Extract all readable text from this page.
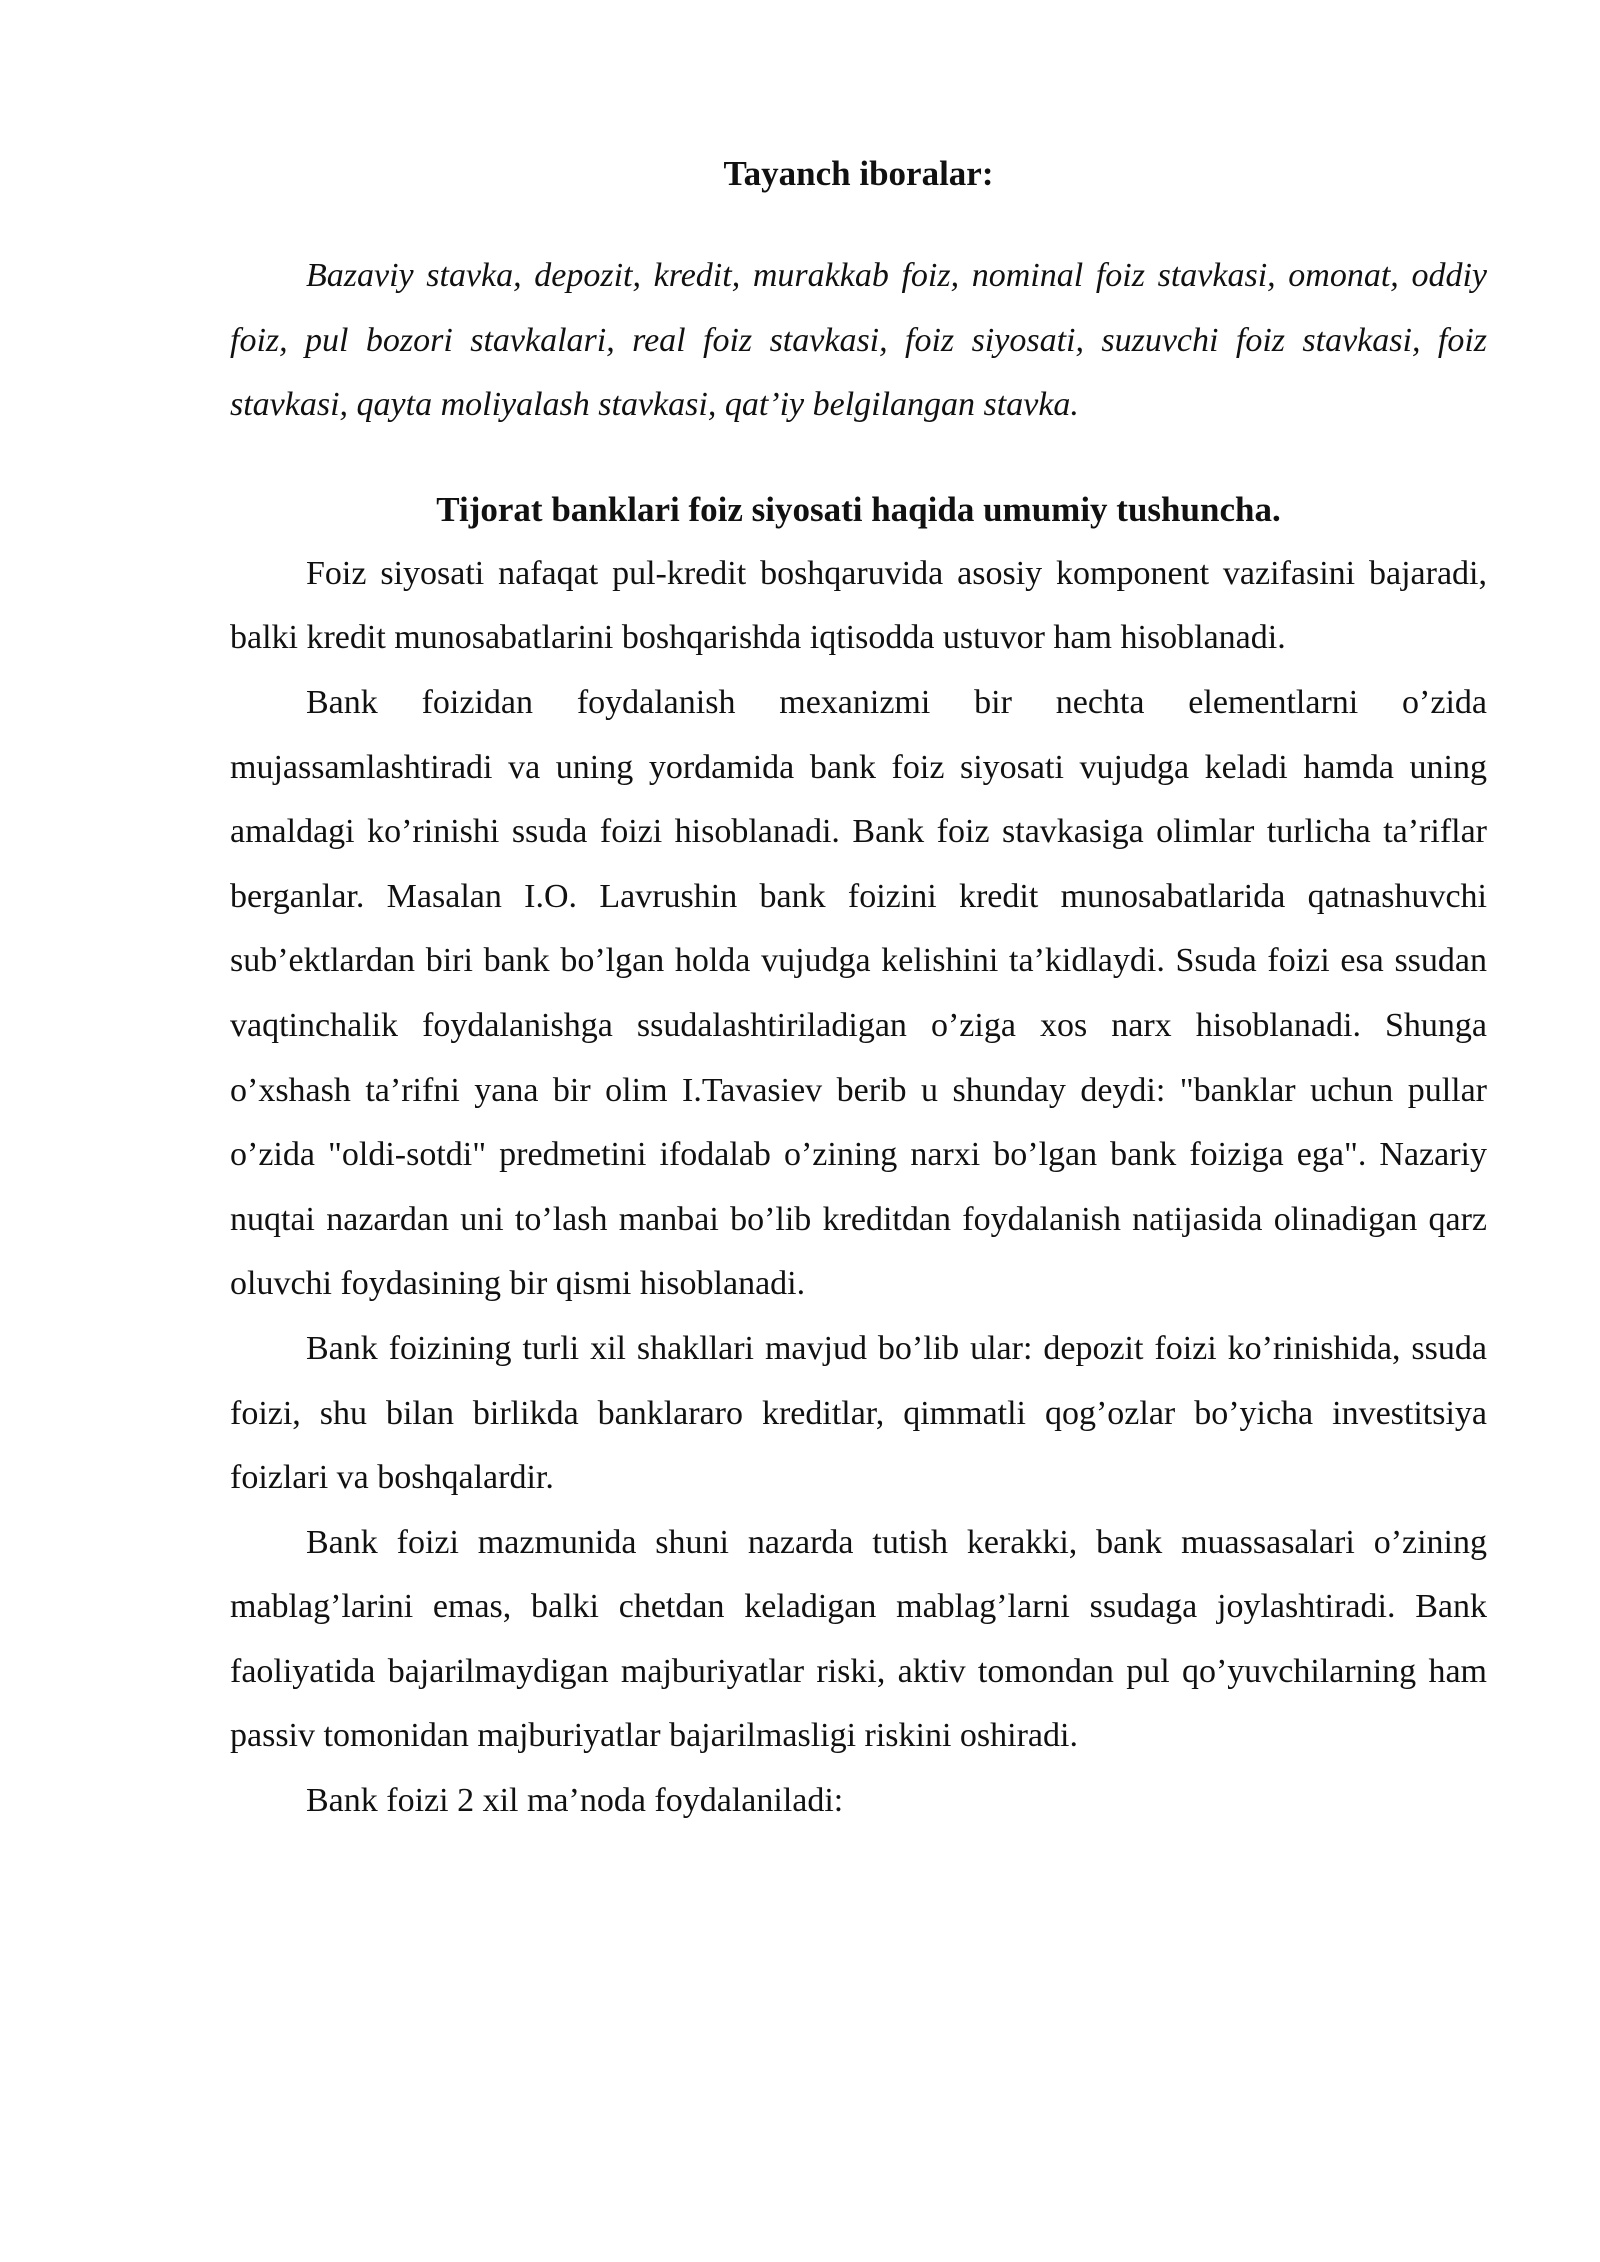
Tayanch iboralar:

Bazaviy stavka, depozit, kredit, murakkab foiz, nominal foiz stavkasi, omonat, oddiy foiz, pul bozori stavkalari, real foiz stavkasi, foiz siyosati, suzuvchi foiz stavkasi, foiz stavkasi, qayta moliyalash stavkasi, qat’iy belgilangan stavka.

Tijorat banklari foiz siyosati haqida umumiy tushuncha.

Foiz siyosati nafaqat pul-kredit boshqaruvida asosiy komponent vazifasini bajaradi, balki kredit munosabatlarini boshqarishda iqtisodda ustuvor ham hisoblanadi.

Bank foizidan foydalanish mexanizmi bir nechta elementlarni o’zida mujassamlashtiradi va uning yordamida bank foiz siyosati vujudga keladi hamda uning amaldagi ko’rinishi ssuda foizi hisoblanadi. Bank foiz stavkasiga olimlar turlicha ta’riflar berganlar. Masalan I.O. Lavrushin bank foizini kredit munosabatlarida qatnashuvchi sub’ektlardan biri bank bo’lgan holda vujudga kelishini ta’kidlaydi. Ssuda foizi esa ssudan vaqtinchalik foydalanishga ssudalashtiriladigan o’ziga xos narx hisoblanadi. Shunga o’xshash ta’rifni yana bir olim I.Tavasiev berib u shunday deydi: "banklar uchun pullar o’zida "oldi-sotdi" predmetini ifodalab o’zining narxi bo’lgan bank foiziga ega". Nazariy nuqtai nazardan uni to’lash manbai bo’lib kreditdan foydalanish natijasida olinadigan qarz oluvchi foydasining bir qismi hisoblanadi.

Bank foizining turli xil shakllari mavjud bo’lib ular: depozit foizi ko’rinishida, ssuda foizi, shu bilan birlikda banklararo kreditlar, qimmatli qog’ozlar bo’yicha investitsiya foizlari va boshqalardir.

Bank foizi mazmunida shuni nazarda tutish kerakki, bank muassasalari o’zining mablag’larini emas, balki chetdan keladigan mablag’larni ssudaga joylashtiradi. Bank faoliyatida bajarilmaydigan majburiyatlar riski, aktiv tomondan pul qo’yuvchilarning ham passiv tomonidan majburiyatlar bajarilmasligi riskini oshiradi.

Bank foizi 2 xil ma’noda foydalaniladi:
